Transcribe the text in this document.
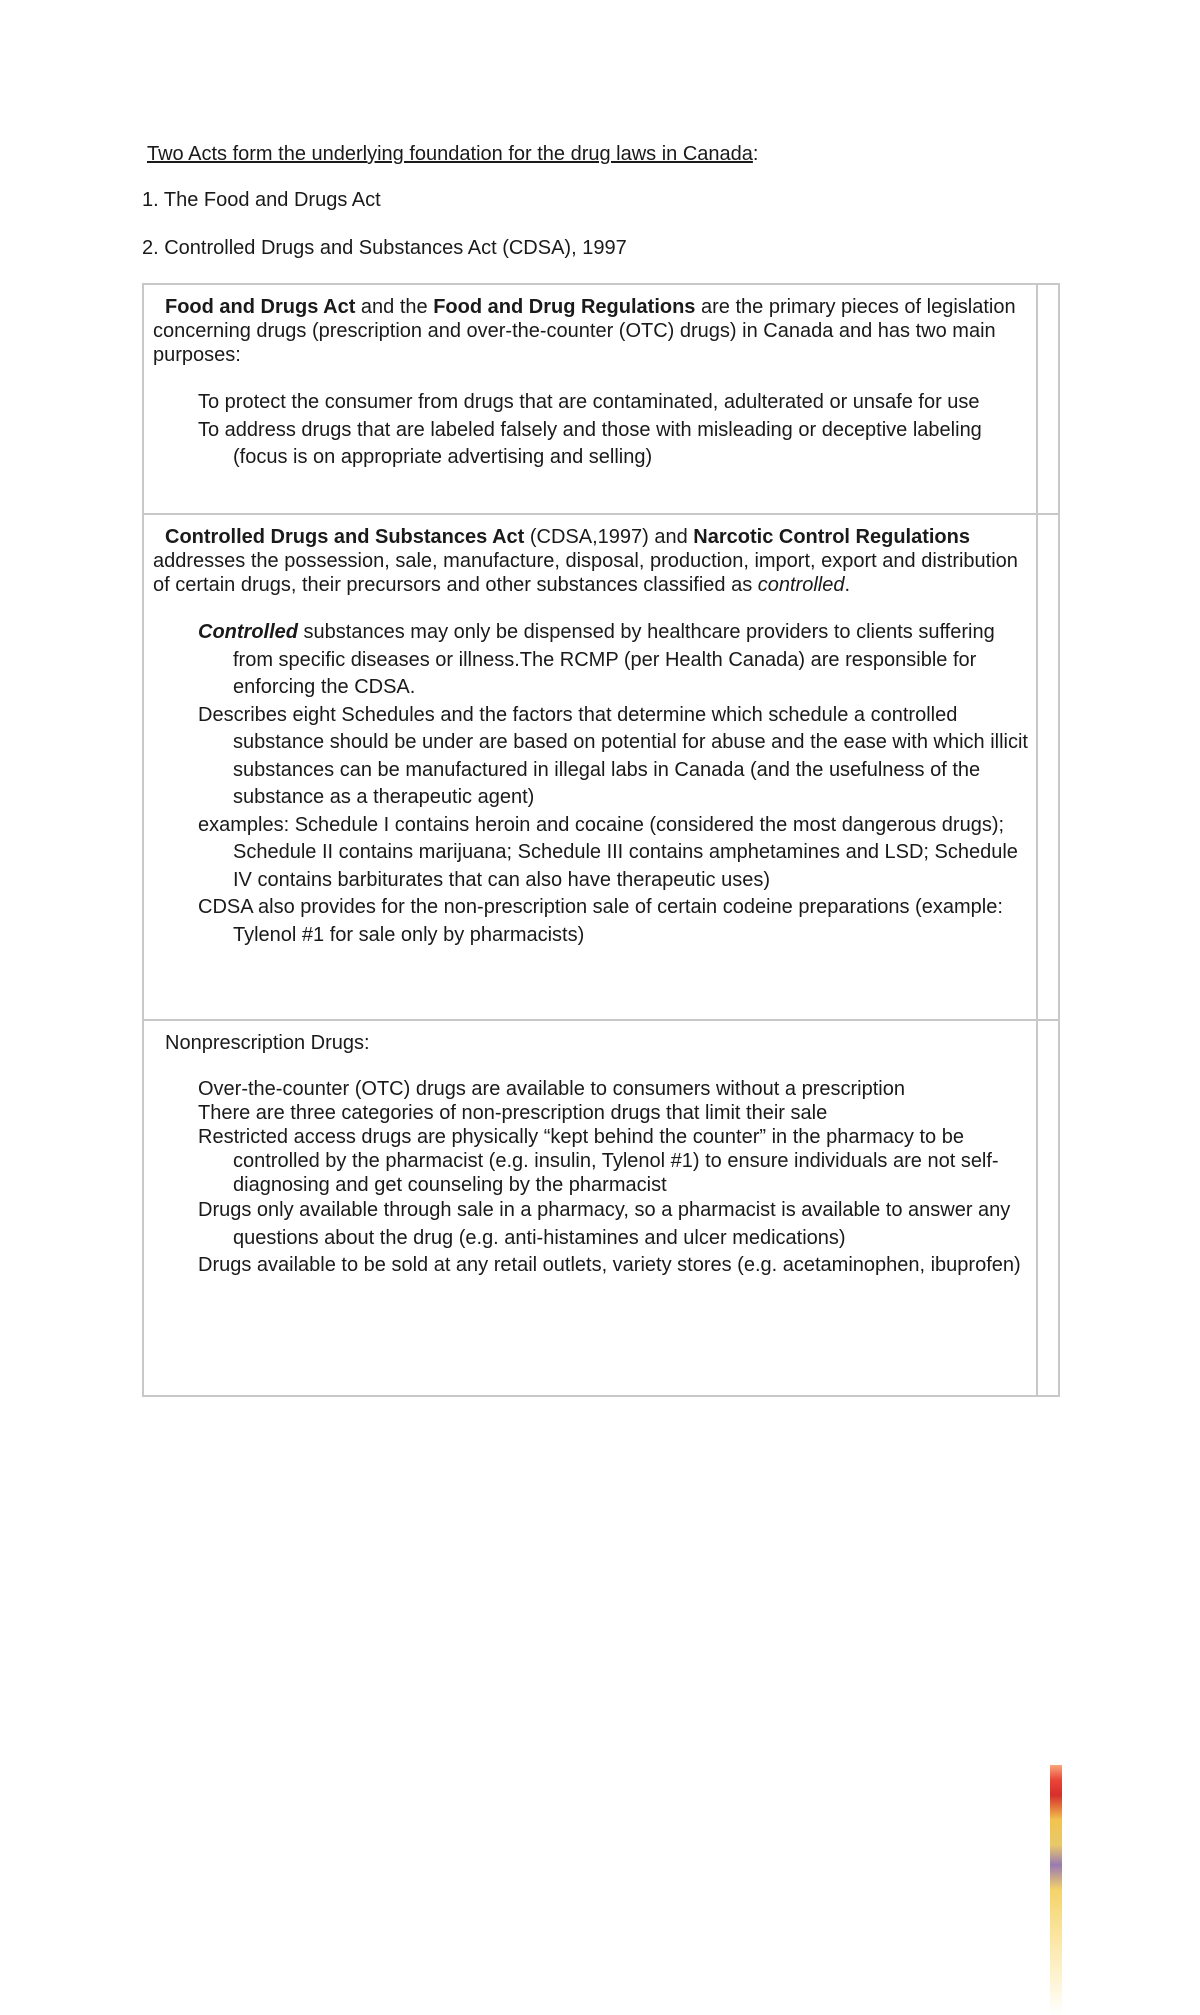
Two Acts form the underlying foundation for the drug laws in Canada:
1. The Food and Drugs Act
2. Controlled Drugs and Substances Act (CDSA), 1997

Food and Drugs Act and the Food and Drug Regulations are the primary pieces of legislation concerning drugs (prescription and over-the-counter (OTC) drugs) in Canada and has two main purposes:

To protect the consumer from drugs that are contaminated, adulterated or unsafe for use
To address drugs that are labeled falsely and those with misleading or deceptive labeling (focus is on appropriate advertising and selling)

Controlled Drugs and Substances Act (CDSA,1997) and Narcotic Control Regulations addresses the possession, sale, manufacture, disposal, production, import, export and distribution of certain drugs, their precursors and other substances classified as controlled.

Controlled substances may only be dispensed by healthcare providers to clients suffering from specific diseases or illness.The RCMP (per Health Canada) are responsible for enforcing the CDSA.
Describes eight Schedules and the factors that determine which schedule a controlled substance should be under are based on potential for abuse and the ease with which illicit substances can be manufactured in illegal labs in Canada (and the usefulness of the substance as a therapeutic agent)
examples: Schedule I contains heroin and cocaine (considered the most dangerous drugs); Schedule II contains marijuana; Schedule III contains amphetamines and LSD; Schedule IV contains barbiturates that can also have therapeutic uses)
CDSA also provides for the non-prescription sale of certain codeine preparations (example: Tylenol #1 for sale only by pharmacists)

Nonprescription Drugs:

Over-the-counter (OTC) drugs are available to consumers without a prescription
There are three categories of non-prescription drugs that limit their sale
Restricted access drugs are physically “kept behind the counter” in the pharmacy to be controlled by the pharmacist (e.g. insulin, Tylenol #1) to ensure individuals are not self-diagnosing and get counseling by the pharmacist
Drugs only available through sale in a pharmacy, so a pharmacist is available to answer any questions about the drug (e.g. anti-histamines and ulcer medications)
Drugs available to be sold at any retail outlets, variety stores (e.g. acetaminophen, ibuprofen)
